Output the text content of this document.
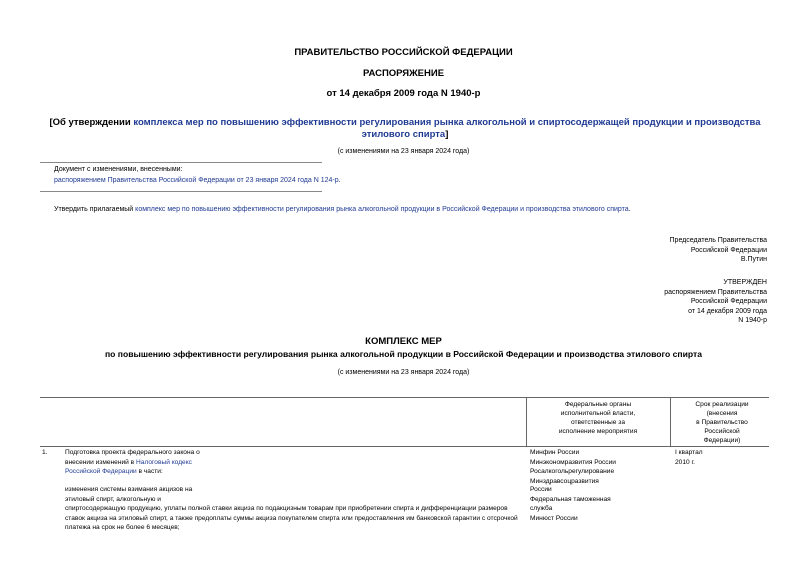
ПРАВИТЕЛЬСТВО РОССИЙСКОЙ ФЕДЕРАЦИИ
РАСПОРЯЖЕНИЕ
от 14 декабря 2009 года N 1940-р
[Об утверждении комплекса мер по повышению эффективности регулирования рынка алкогольной и спиртосодержащей продукции и производства этилового спирта]
(с изменениями на 23 января 2024 года)
Документ с изменениями, внесенными:
распоряжением Правительства Российской Федерации от 23 января 2024 года N 124-р.
Утвердить прилагаемый комплекс мер по повышению эффективности регулирования рынка алкогольной продукции в Российской Федерации и производства этилового спирта.
Председатель Правительства
Российской Федерации
В.Путин
УТВЕРЖДЕН
распоряжением Правительства
Российской Федерации
от 14 декабря 2009 года
N 1940-р
КОМПЛЕКС МЕР
по повышению эффективности регулирования рынка алкогольной продукции в Российской Федерации и производства этилового спирта
(с изменениями на 23 января 2024 года)
Федеральные органы
исполнительной власти,
ответственные за
исполнение мероприятия
Срок реализации
(внесения
в Правительство
Российской
Федерации)
1.	Подготовка проекта федерального закона о
внесении изменений в Налоговый кодекс
Российской Федерации в части:
Минфин России
Минэкономразвития России
Росалкогольрегулирование
Минздравсоцразвития
I квартал
2010 г.
изменения системы взимания акцизов на
этиловый спирт, алкогольную и
спиртосодержащую продукцию, уплаты полной ставки акциза по подакцизным товарам при приобретении спирта и дифференциации размеров
ставок акциза на этиловый спирт, а также предоплаты суммы акциза покупателем спирта или предоставления им банковской гарантии с отсрочкой
платежа на срок не более 6 месяцев;
России
Федеральная таможенная
служба
Минюст России
